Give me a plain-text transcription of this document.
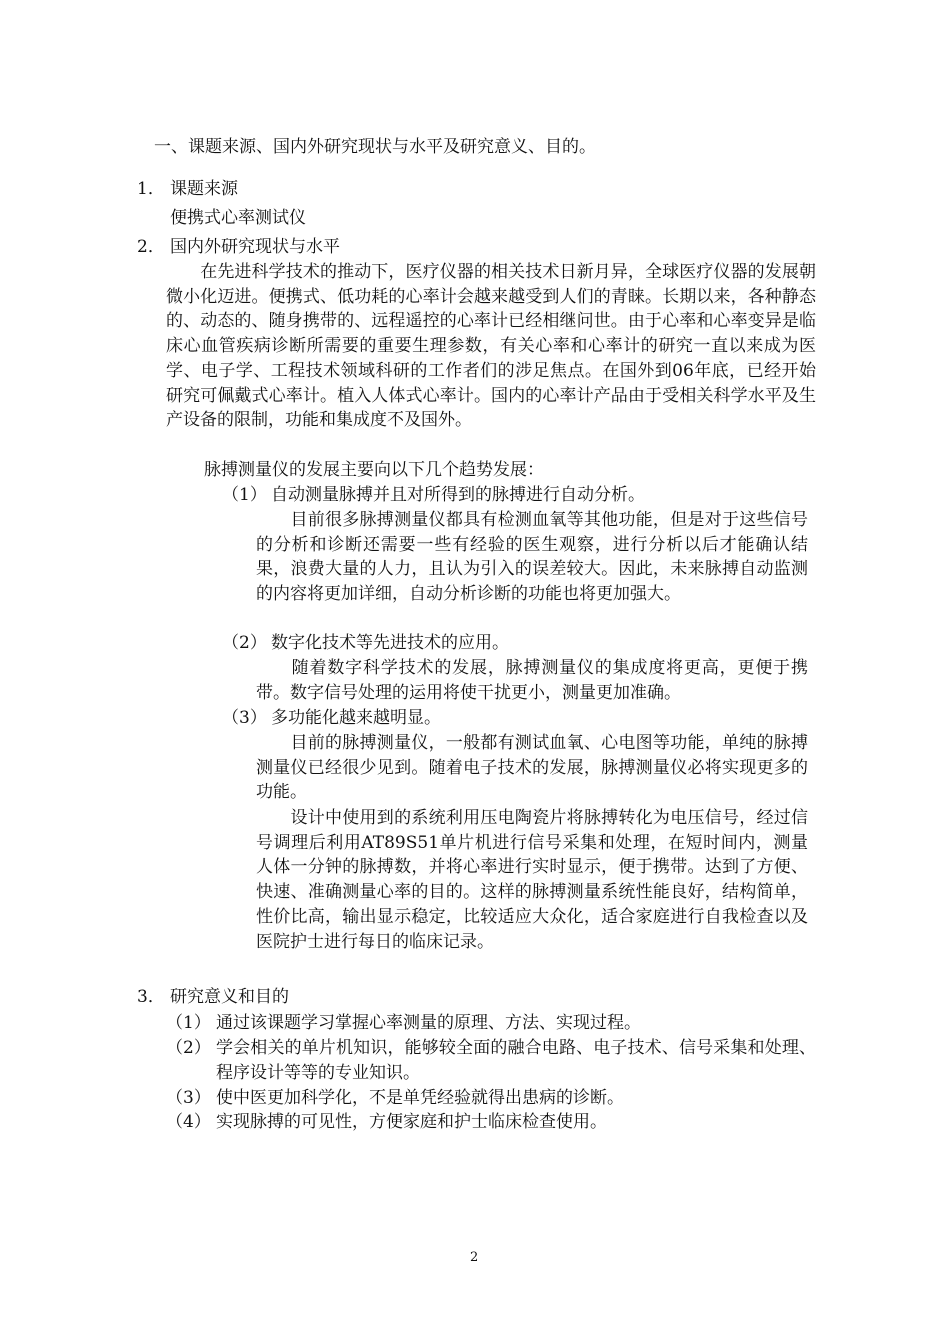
一、课题来源、国内外研究现状与水平及研究意义、目的。
1． 课题来源
便携式心率测试仪
2． 国内外研究现状与水平
　　在先进科学技术的推动下，医疗仪器的相关技术日新月异，全球医疗仪器的发展朝微小化迈进。便携式、低功耗的心率计会越来越受到人们的青睐。长期以来，各种静态的、动态的、随身携带的、远程遥控的心率计已经相继问世。由于心率和心率变异是临床心血管疾病诊断所需要的重要生理参数，有关心率和心率计的研究一直以来成为医学、电子学、工程技术领域科研的工作者们的涉足焦点。在国外到06年底，已经开始研究可佩戴式心率计。植入人体式心率计。国内的心率计产品由于受相关科学水平及生产设备的限制，功能和集成度不及国外。
脉搏测量仪的发展主要向以下几个趋势发展：
（1） 自动测量脉搏并且对所得到的脉搏进行自动分析。
　　目前很多脉搏测量仪都具有检测血氧等其他功能，但是对于这些信号的分析和诊断还需要一些有经验的医生观察，进行分析以后才能确认结果，浪费大量的人力，且认为引入的误差较大。因此，未来脉搏自动监测的内容将更加详细，自动分析诊断的功能也将更加强大。
（2） 数字化技术等先进技术的应用。
　　随着数字科学技术的发展，脉搏测量仪的集成度将更高，更便于携带。数字信号处理的运用将使干扰更小，测量更加准确。
（3） 多功能化越来越明显。
　　目前的脉搏测量仪，一般都有测试血氧、心电图等功能，单纯的脉搏测量仪已经很少见到。随着电子技术的发展，脉搏测量仪必将实现更多的功能。
　　设计中使用到的系统利用压电陶瓷片将脉搏转化为电压信号，经过信号调理后利用AT89S51单片机进行信号采集和处理，在短时间内，测量人体一分钟的脉搏数，并将心率进行实时显示，便于携带。达到了方便、快速、准确测量心率的目的。这样的脉搏测量系统性能良好，结构简单，性价比高，输出显示稳定，比较适应大众化，适合家庭进行自我检查以及医院护士进行每日的临床记录。
3． 研究意义和目的
（1） 通过该课题学习掌握心率测量的原理、方法、实现过程。
（2） 学会相关的单片机知识，能够较全面的融合电路、电子技术、信号采集和处理、程序设计等等的专业知识。
（3） 使中医更加科学化，不是单凭经验就得出患病的诊断。
（4） 实现脉搏的可见性，方便家庭和护士临床检查使用。
2
